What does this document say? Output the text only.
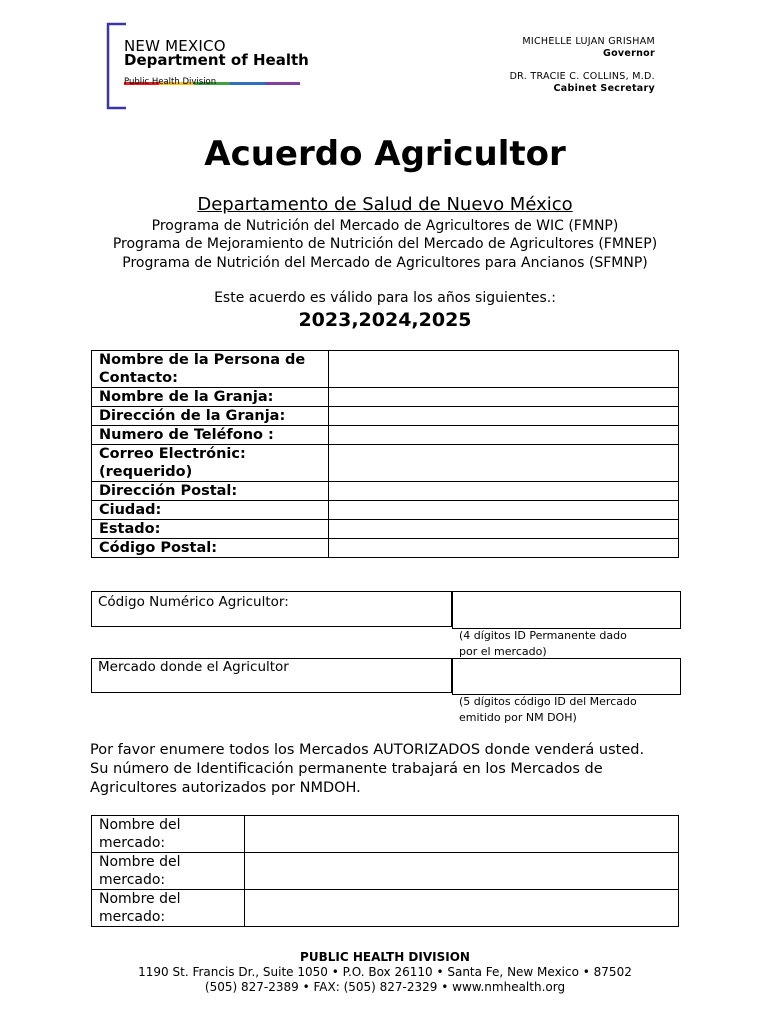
NEW MEXICO
Department of Health
Public Health Division
MICHELLE LUJAN GRISHAM
Governor
DR. TRACIE C. COLLINS, M.D.
Cabinet Secretary
Acuerdo Agricultor
Departamento de Salud de Nuevo México
Programa de Nutrición del Mercado de Agricultores de WIC (FMNP)
Programa de Mejoramiento de Nutrición del Mercado de Agricultores (FMNEP)
Programa de Nutrición del Mercado de Agricultores para Ancianos (SFMNP)
Este acuerdo es válido para los años siguientes.:
2023,2024,2025
Nombre de la Persona de Contacto:	
Nombre de la Granja:	
Dirección de la Granja:	
Numero de Teléfono :	
Correo Electrónic: (requerido)	
Dirección Postal:	
Ciudad:	
Estado:	
Código Postal:	
Código Numérico Agricultor:
(4 dígitos ID Permanente dado
por el mercado)
Mercado donde el Agricultor
(5 dígitos código ID del Mercado
emitido por NM DOH)
Por favor enumere todos los Mercados AUTORIZADOS donde venderá usted.
Su número de Identificación permanente trabajará en los Mercados de
Agricultores autorizados por NMDOH.
Nombre del
mercado:	

Nombre del
mercado:	

Nombre del
mercado:	

PUBLIC HEALTH DIVISION
1190 St. Francis Dr., Suite 1050 • P.O. Box 26110 • Santa Fe, New Mexico • 87502
(505) 827-2389 • FAX: (505) 827-2329 • www.nmhealth.org
